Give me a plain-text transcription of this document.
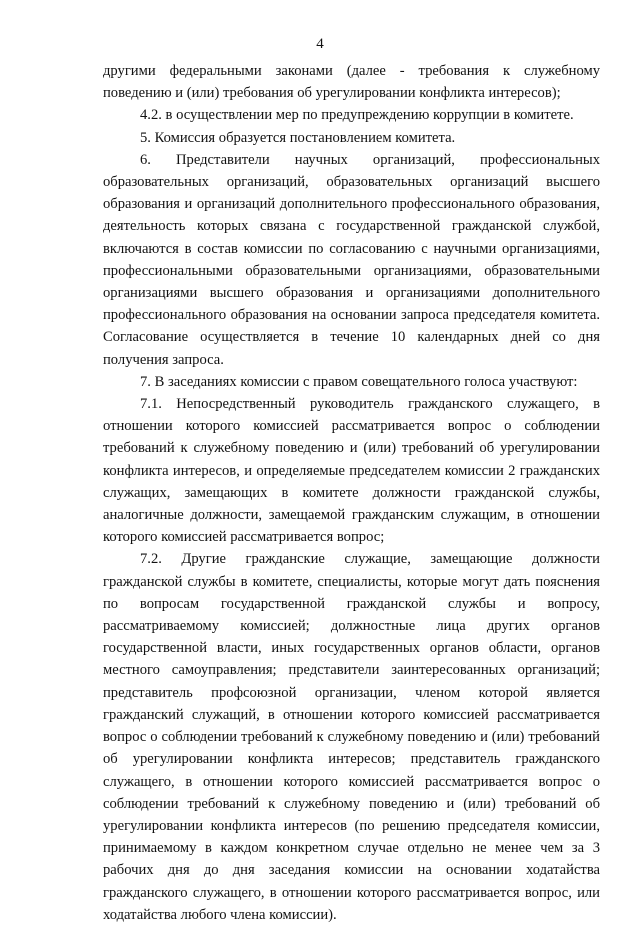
4

другими федеральными законами (далее - требования к служебному поведению и (или) требования об урегулировании конфликта интересов);

4.2. в осуществлении мер по предупреждению коррупции в комитете.

5. Комиссия образуется постановлением комитета.

6. Представители научных организаций, профессиональных образовательных организаций, образовательных организаций высшего образования и организаций дополнительного профессионального образования, деятельность которых связана с государственной гражданской службой, включаются в состав комиссии по согласованию с научными организациями, профессиональными образовательными организациями, образовательными организациями высшего образования и организациями дополнительного профессионального образования на основании запроса председателя комитета. Согласование осуществляется в течение 10 календарных дней со дня получения запроса.

7. В заседаниях комиссии с правом совещательного голоса участвуют:

7.1. Непосредственный руководитель гражданского служащего, в отношении которого комиссией рассматривается вопрос о соблюдении требований к служебному поведению и (или) требований об урегулировании конфликта интересов, и определяемые председателем комиссии 2 гражданских служащих, замещающих в комитете должности гражданской службы, аналогичные должности, замещаемой гражданским служащим, в отношении которого комиссией рассматривается вопрос;

7.2. Другие гражданские служащие, замещающие должности гражданской службы в комитете, специалисты, которые могут дать пояснения по вопросам государственной гражданской службы и вопросу, рассматриваемому комиссией; должностные лица других органов государственной власти, иных государственных органов области, органов местного самоуправления; представители заинтересованных организаций; представитель профсоюзной организации, членом которой является гражданский служащий, в отношении которого комиссией рассматривается вопрос о соблюдении требований к служебному поведению и (или) требований об урегулировании конфликта интересов; представитель гражданского служащего, в отношении которого комиссией рассматривается вопрос о соблюдении требований к служебному поведению и (или) требований об урегулировании конфликта интересов (по решению председателя комиссии, принимаемому в каждом конкретном случае отдельно не менее чем за 3 рабочих дня до дня заседания комиссии на основании ходатайства гражданского служащего, в отношении которого рассматривается вопрос, или ходатайства любого члена комиссии).
